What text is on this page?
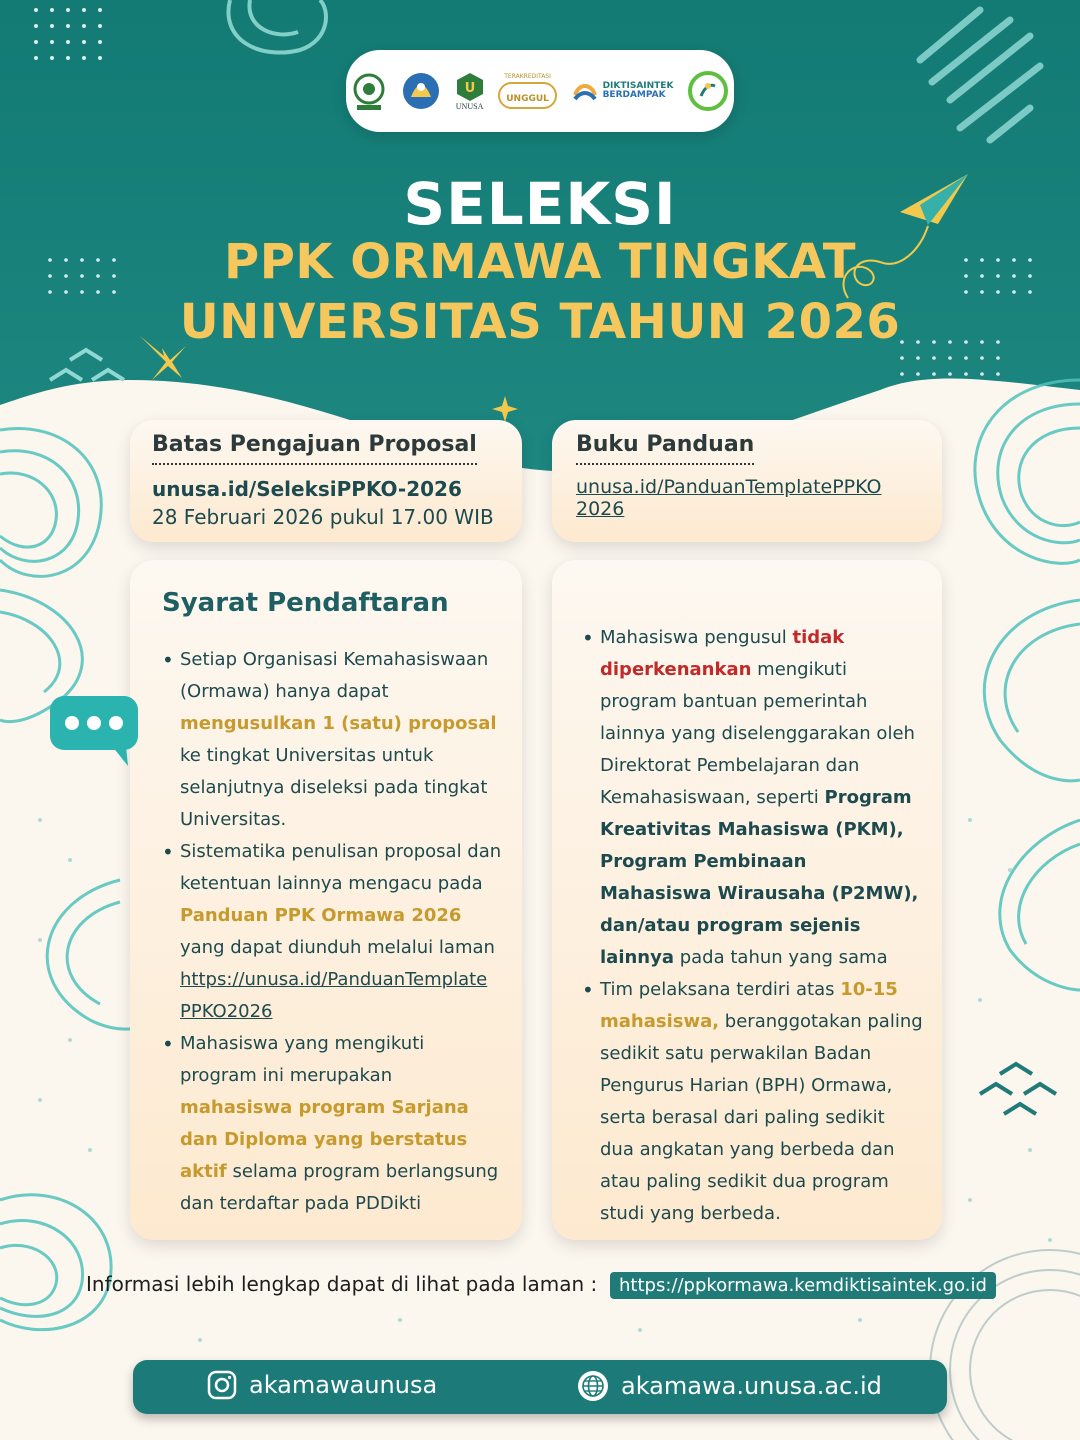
U
UNUSA
TERAKREDITASI
UNGGUL
DIKTISAINTEK
BERDAMPAK
SELEKSI
PPK ORMAWA TINGKAT
UNIVERSITAS TAHUN 2026
Batas Pengajuan Proposal
unusa.id/SeleksiPPKO-2026
28 Februari 2026 pukul 17.00 WIB
Buku Panduan
unusa.id/PanduanTemplatePPKO 2026
Syarat Pendaftaran
• Setiap Organisasi Kemahasiswaan (Ormawa) hanya dapat mengusulkan 1 (satu) proposal ke tingkat Universitas untuk selanjutnya diseleksi pada tingkat Universitas.
• Sistematika penulisan proposal dan ketentuan lainnya mengacu pada Panduan PPK Ormawa 2026 yang dapat diunduh melalui laman https://unusa.id/PanduanTemplate PPKO2026
• Mahasiswa yang mengikuti program ini merupakan mahasiswa program Sarjana dan Diploma yang berstatus aktif selama program berlangsung dan terdaftar pada PDDikti
• Mahasiswa pengusul tidak diperkenankan mengikuti program bantuan pemerintah lainnya yang diselenggarakan oleh Direktorat Pembelajaran dan Kemahasiswaan, seperti Program Kreativitas Mahasiswa (PKM), Program Pembinaan Mahasiswa Wirausaha (P2MW), dan/atau program sejenis lainnya pada tahun yang sama
• Tim pelaksana terdiri atas 10-15 mahasiswa, beranggotakan paling sedikit satu perwakilan Badan Pengurus Harian (BPH) Ormawa, serta berasal dari paling sedikit dua angkatan yang berbeda dan atau paling sedikit dua program studi yang berbeda.
Informasi lebih lengkap dapat di lihat pada laman :	https://ppkormawa.kemdiktisaintek.go.id
akamawaunusa	akamawa.unusa.ac.id
